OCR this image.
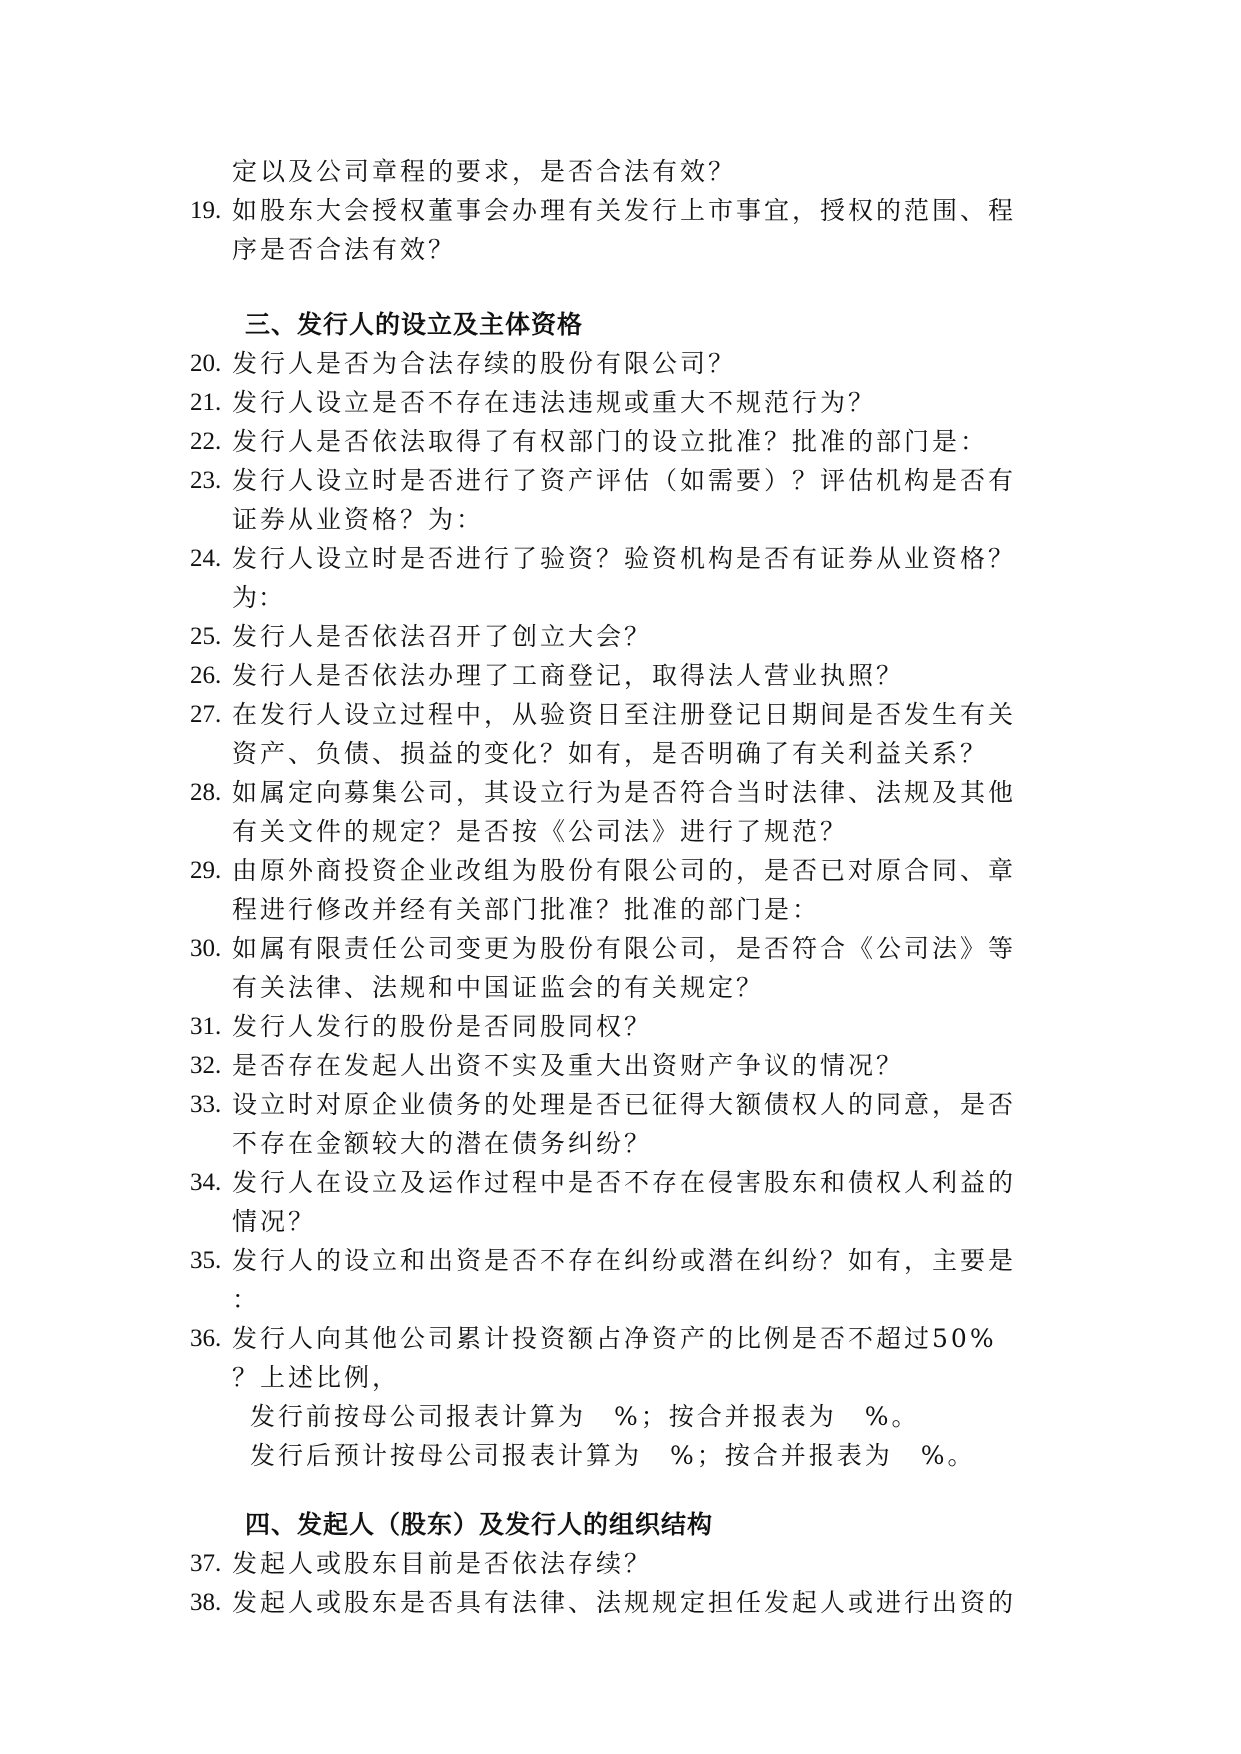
定以及公司章程的要求，是否合法有效？
19. 如股东大会授权董事会办理有关发行上市事宜，授权的范围、程
序是否合法有效？
三、发行人的设立及主体资格
20. 发行人是否为合法存续的股份有限公司？
21. 发行人设立是否不存在违法违规或重大不规范行为？
22. 发行人是否依法取得了有权部门的设立批准？批准的部门是：
23. 发行人设立时是否进行了资产评估（如需要）？评估机构是否有
证券从业资格？为：
24. 发行人设立时是否进行了验资？验资机构是否有证券从业资格？
为：
25. 发行人是否依法召开了创立大会？
26. 发行人是否依法办理了工商登记，取得法人营业执照？
27. 在发行人设立过程中，从验资日至注册登记日期间是否发生有关
资产、负债、损益的变化？如有，是否明确了有关利益关系？
28. 如属定向募集公司，其设立行为是否符合当时法律、法规及其他
有关文件的规定？是否按《公司法》进行了规范？
29. 由原外商投资企业改组为股份有限公司的，是否已对原合同、章
程进行修改并经有关部门批准？批准的部门是：
30. 如属有限责任公司变更为股份有限公司，是否符合《公司法》等
有关法律、法规和中国证监会的有关规定？
31. 发行人发行的股份是否同股同权？
32. 是否存在发起人出资不实及重大出资财产争议的情况？
33. 设立时对原企业债务的处理是否已征得大额债权人的同意，是否
不存在金额较大的潜在债务纠纷？
34. 发行人在设立及运作过程中是否不存在侵害股东和债权人利益的
情况？
35. 发行人的设立和出资是否不存在纠纷或潜在纠纷？如有，主要是
：
36. 发行人向其他公司累计投资额占净资产的比例是否不超过50%
？上述比例，
发行前按母公司报表计算为　%；按合并报表为　%。
发行后预计按母公司报表计算为　%；按合并报表为　%。
四、发起人（股东）及发行人的组织结构
37. 发起人或股东目前是否依法存续？
38. 发起人或股东是否具有法律、法规规定担任发起人或进行出资的
